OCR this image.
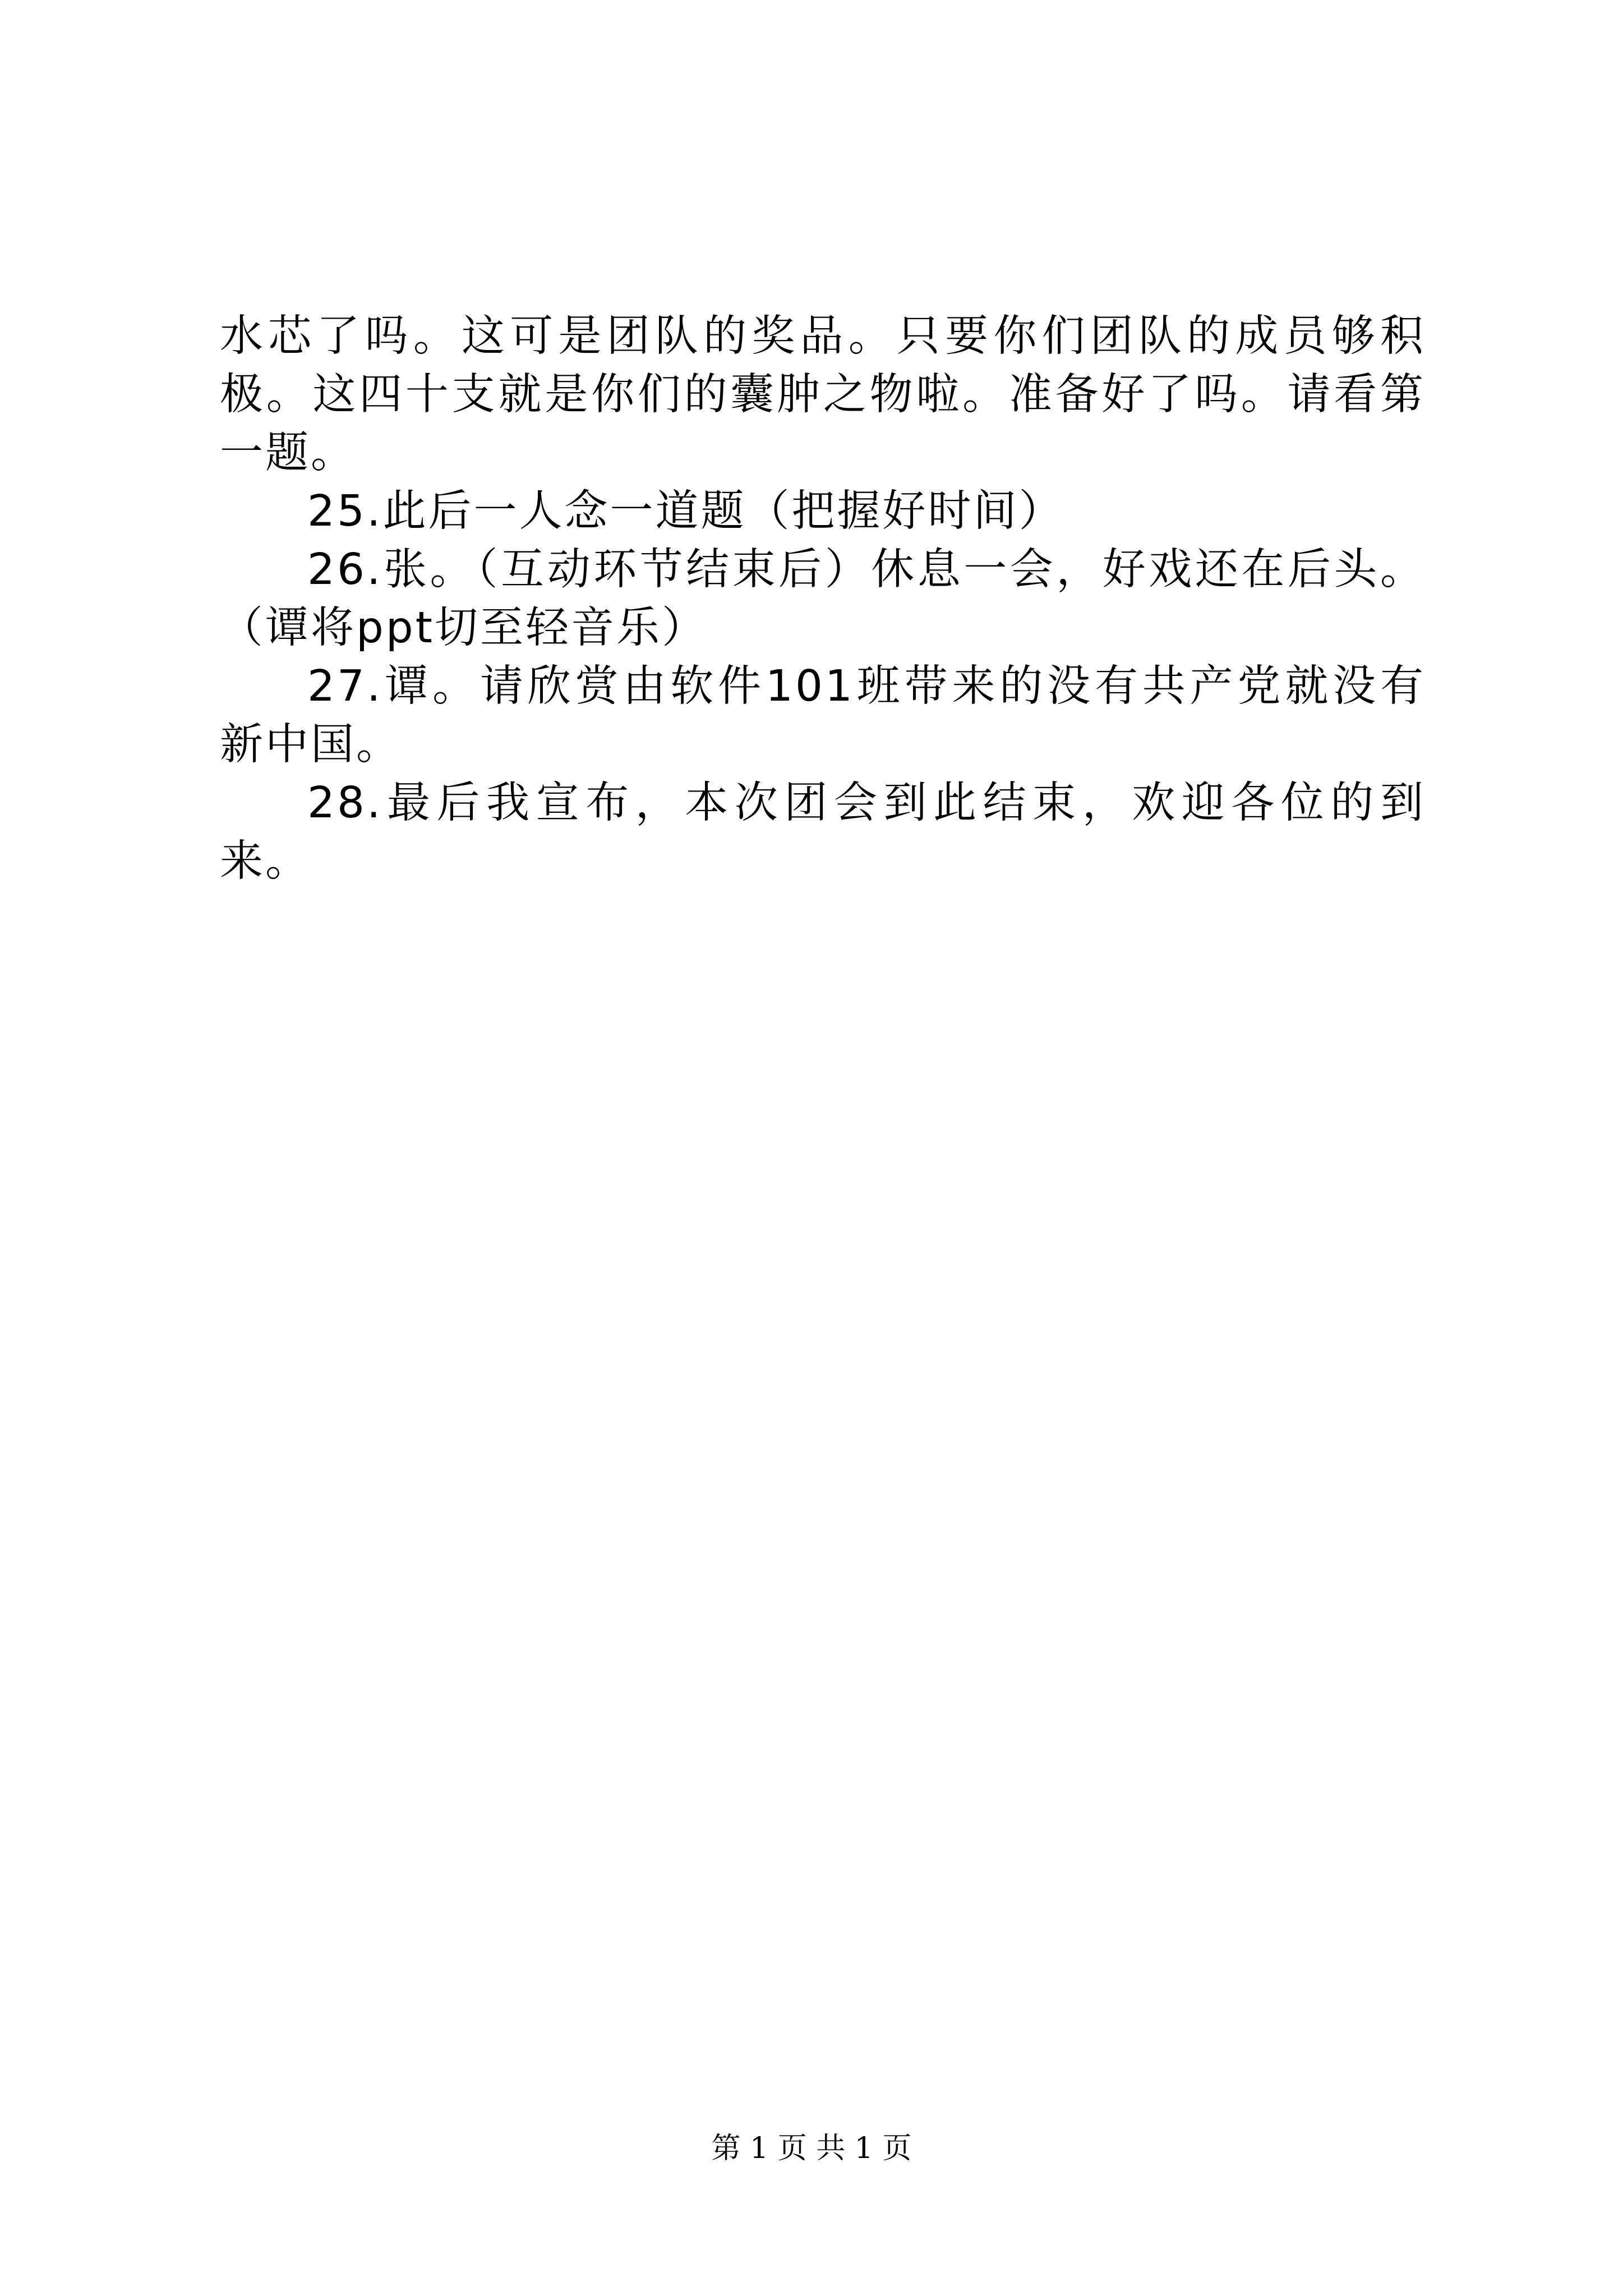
水芯了吗。这可是团队的奖品。只要你们团队的成员够积极。这四十支就是你们的囊肿之物啦。准备好了吗。请看第一题。

25.此后一人念一道题（把握好时间）

26.张。（互动环节结束后）休息一会，好戏还在后头。（谭将ppt切至轻音乐）

27.谭。请欣赏由软件101班带来的没有共产党就没有新中国。

28.最后我宣布，本次团会到此结束，欢迎各位的到来。

第 1 页 共 1 页
